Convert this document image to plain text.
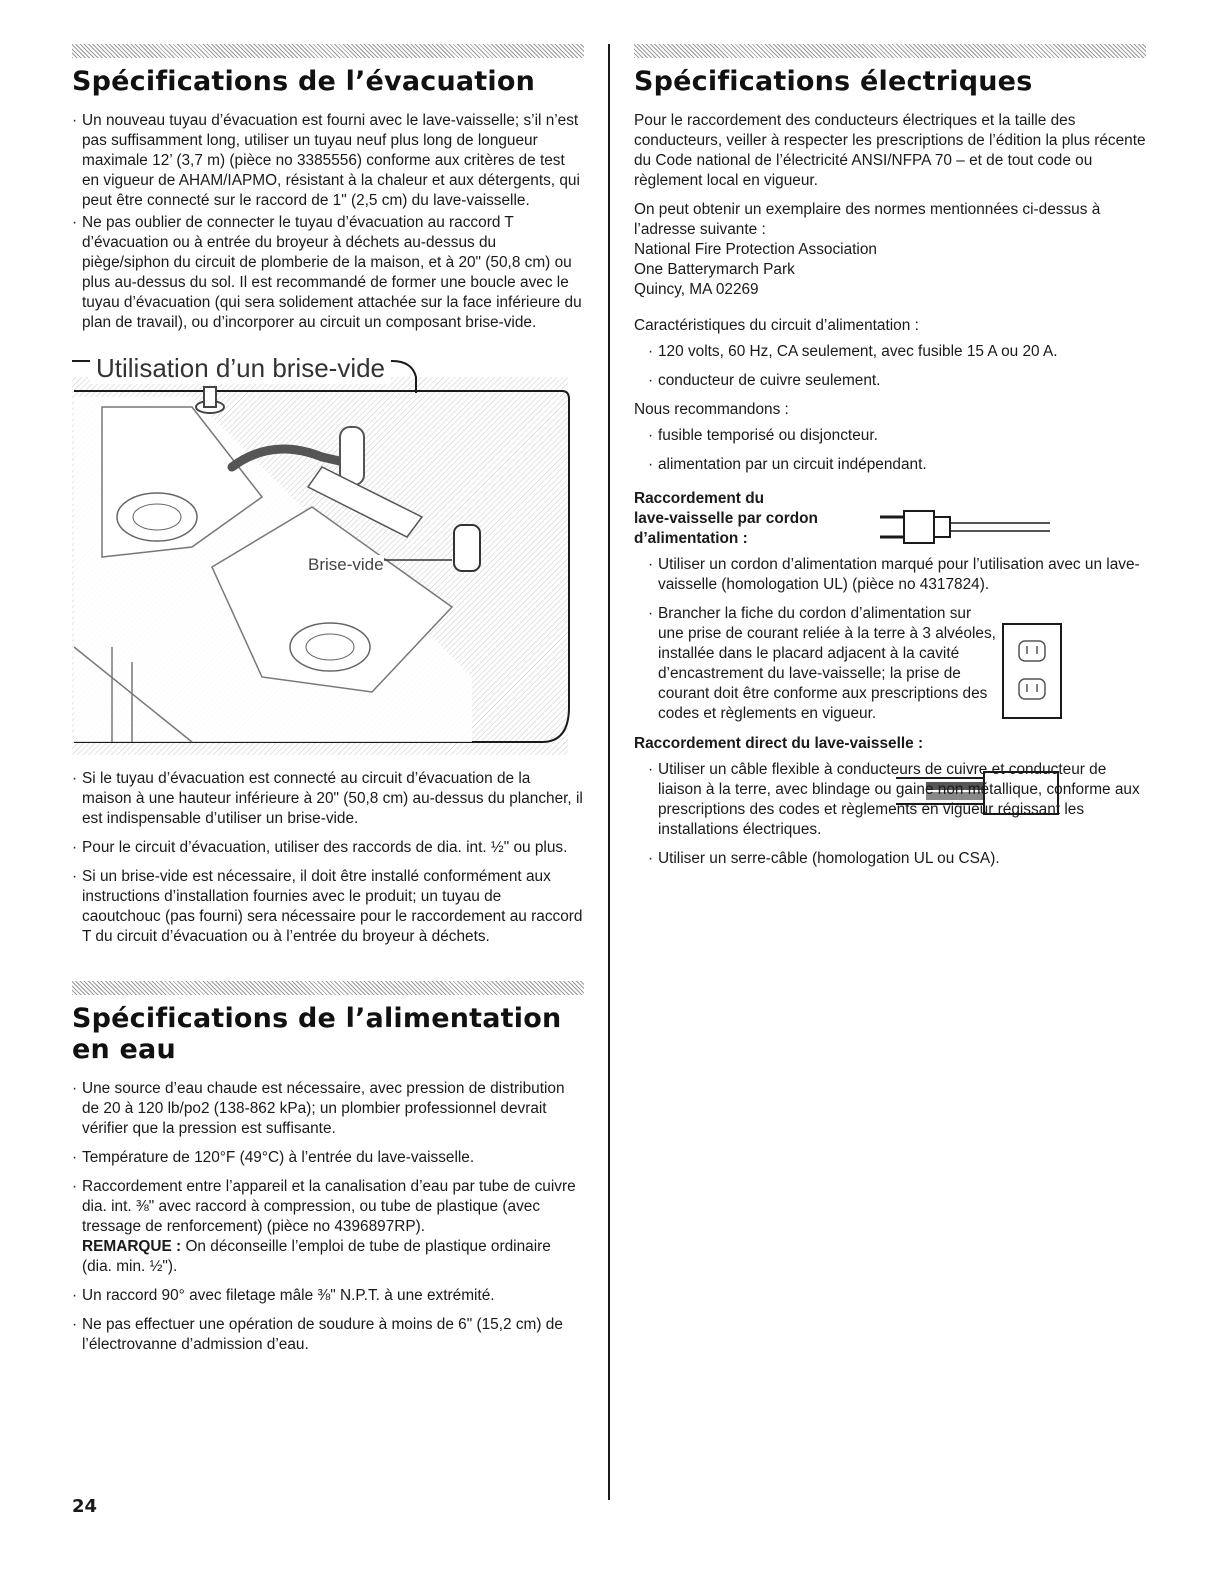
Spécifications de l’évacuation
· Un nouveau tuyau d’évacuation est fourni avec le lave-vaisselle; s’il n’est pas suffisamment long, utiliser un tuyau neuf plus long de longueur maximale 12’ (3,7 m) (pièce no 3385556) conforme aux critères de test en vigueur de AHAM/IAPMO, résistant à la chaleur et aux détergents, qui peut être connecté sur le raccord de 1" (2,5 cm) du lave-vaisselle.
· Ne pas oublier de connecter le tuyau d’évacuation au raccord T d’évacuation ou à entrée du broyeur à déchets au-dessus du piège/siphon du circuit de plomberie de la maison, et à 20" (50,8 cm) ou plus au-dessus du sol. Il est recommandé de former une boucle avec le tuyau d’évacuation (qui sera solidement attachée sur la face inférieure du plan de travail), ou d’incorporer au circuit un composant brise-vide.
Utilisation d’un brise-vide
Brise-vide
· Si le tuyau d’évacuation est connecté au circuit d’évacuation de la maison à une hauteur inférieure à 20" (50,8 cm) au-dessus du plancher, il est indispensable d’utiliser un brise-vide.
· Pour le circuit d’évacuation, utiliser des raccords de dia. int. ½" ou plus.
· Si un brise-vide est nécessaire, il doit être installé conformément aux instructions d’installation fournies avec le produit; un tuyau de caoutchouc (pas fourni) sera nécessaire pour le raccordement au raccord T du circuit d’évacuation ou à l’entrée du broyeur à déchets.
Spécifications de l’alimentation en eau
· Une source d’eau chaude est nécessaire, avec pression de distribution de 20 à 120 lb/po2 (138-862 kPa); un plombier professionnel devrait vérifier que la pression est suffisante.
· Température de 120°F (49°C) à l’entrée du lave-vaisselle.
· Raccordement entre l’appareil et la canalisation d’eau par tube de cuivre dia. int. ⅜" avec raccord à compression, ou tube de plastique (avec tressage de renforcement) (pièce no 4396897RP).
REMARQUE : On déconseille l’emploi de tube de plastique ordinaire (dia. min. ½").
· Un raccord 90° avec filetage mâle ⅜" N.P.T. à une extrémité.
· Ne pas effectuer une opération de soudure à moins de 6" (15,2 cm) de l’électrovanne d’admission d’eau.
24
Spécifications électriques

Pour le raccordement des conducteurs électriques et la taille des conducteurs, veiller à respecter les prescriptions de l’édition la plus récente du Code national de l’électricité ANSI/NFPA 70 – et de tout code ou règlement local en vigueur.

On peut obtenir un exemplaire des normes mentionnées ci-dessus à l’adresse suivante :

National Fire Protection Association

One Batterymarch Park

Quincy, MA 02269

Caractéristiques du circuit d’alimentation :

· 120 volts, 60 Hz, CA seulement, avec fusible 15 A ou 20 A.
· conducteur de cuivre seulement.

Nous recommandons :

· fusible temporisé ou disjoncteur.
· alimentation par un circuit indépendant.

Raccordement du

lave-vaisselle par cordon

d’alimentation :

· Utiliser un cordon d’alimentation marqué pour l’utilisation avec un lave-vaisselle (homologation UL) (pièce no 4317824).
· Brancher la fiche du cordon d’alimentation sur une prise de courant reliée à la terre à 3 alvéoles, installée dans le placard adjacent à la cavité d’encastrement du lave-vaisselle; la prise de courant doit être conforme aux prescriptions des codes et règlements en vigueur.

Raccordement direct du lave-vaisselle :

· Utiliser un câble flexible à conducteurs de cuivre et conducteur de liaison à la terre, avec blindage ou gaine non métallique, conforme aux prescriptions des codes et règlements en vigueur régissant les installations électriques.
· Utiliser un serre-câble (homologation UL ou CSA).
